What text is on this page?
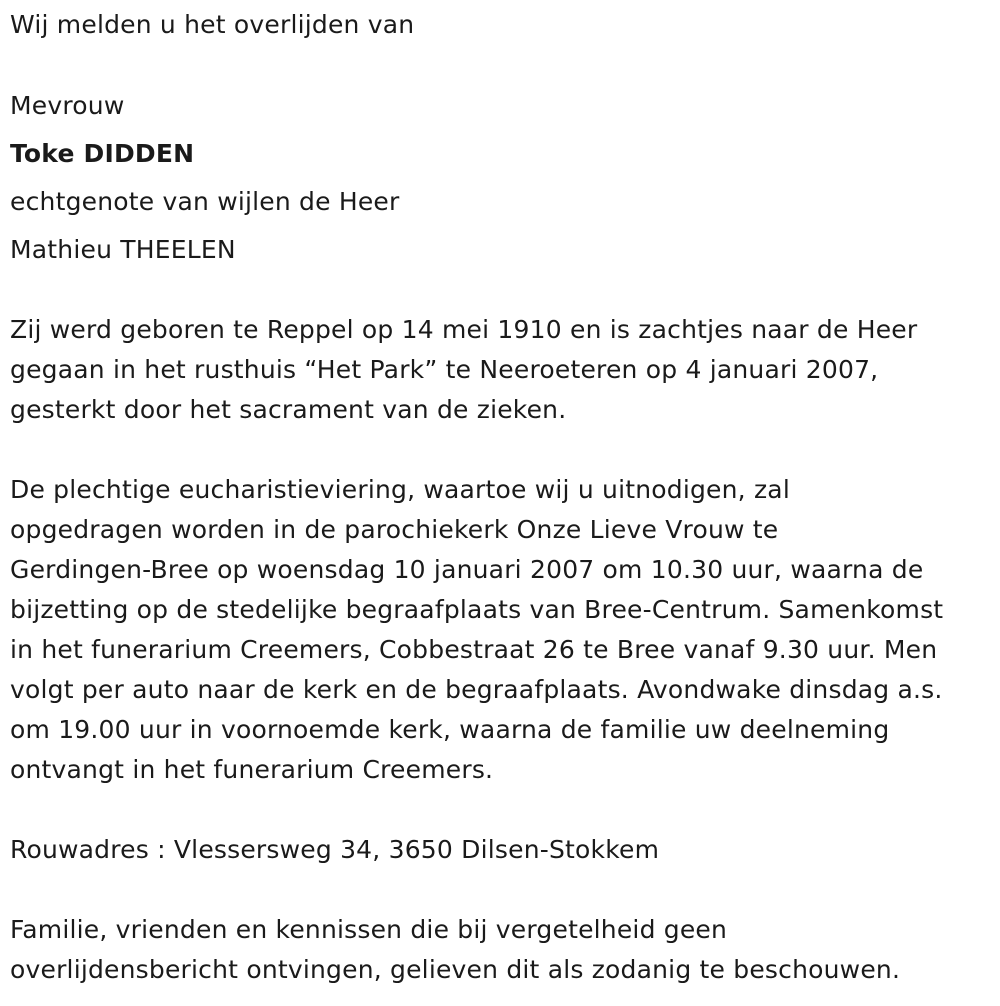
Wij melden u het overlijden van
Mevrouw
Toke DIDDEN
echtgenote van wijlen de Heer
Mathieu THEELEN
Zij werd geboren te Reppel op 14 mei 1910 en is zachtjes naar de Heer
gegaan in het rusthuis “Het Park” te Neeroeteren op 4 januari 2007,
gesterkt door het sacrament van de zieken.
De plechtige eucharistieviering, waartoe wij u uitnodigen, zal
opgedragen worden in de parochiekerk Onze Lieve Vrouw te
Gerdingen-Bree op woensdag 10 januari 2007 om 10.30 uur, waarna de
bijzetting op de stedelijke begraafplaats van Bree-Centrum. Samenkomst
in het funerarium Creemers, Cobbestraat 26 te Bree vanaf 9.30 uur. Men
volgt per auto naar de kerk en de begraafplaats. Avondwake dinsdag a.s.
om 19.00 uur in voornoemde kerk, waarna de familie uw deelneming
ontvangt in het funerarium Creemers.
Rouwadres : Vlessersweg 34, 3650 Dilsen-Stokkem
Familie, vrienden en kennissen die bij vergetelheid geen
overlijdensbericht ontvingen, gelieven dit als zodanig te beschouwen.
